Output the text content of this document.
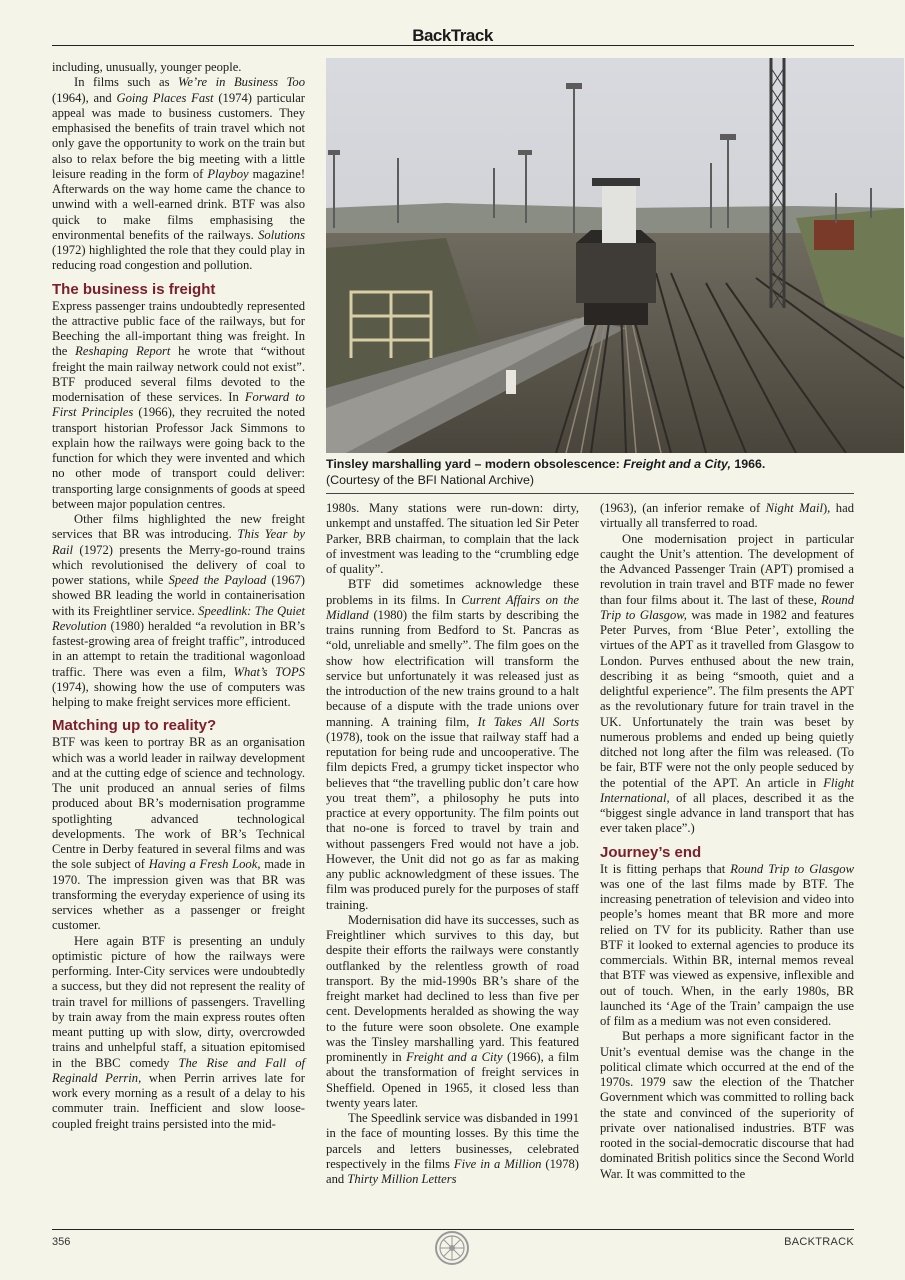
BackTrack

including, unusually, younger people.

In films such as We’re in Business Too (1964), and Going Places Fast (1974) particular appeal was made to business customers. They emphasised the benefits of train travel which not only gave the opportunity to work on the train but also to relax before the big meeting with a little leisure reading in the form of Playboy magazine! Afterwards on the way home came the chance to unwind with a well-earned drink. BTF was also quick to make films emphasising the environmental benefits of the railways. Solutions (1972) highlighted the role that they could play in reducing road congestion and pollution.

The business is freight

Express passenger trains undoubtedly represented the attractive public face of the railways, but for Beeching the all-important thing was freight. In the Reshaping Report he wrote that “without freight the main railway network could not exist”. BTF produced several films devoted to the modernisation of these services. In Forward to First Principles (1966), they recruited the noted transport historian Professor Jack Simmons to explain how the railways were going back to the function for which they were invented and which no other mode of transport could deliver: transporting large consignments of goods at speed between major population centres.

Other films highlighted the new freight services that BR was introducing. This Year by Rail (1972) presents the Merry-go-round trains which revolutionised the delivery of coal to power stations, while Speed the Payload (1967) showed BR leading the world in containerisation with its Freightliner service. Speedlink: The Quiet Revolution (1980) heralded “a revolution in BR’s fastest-growing area of freight traffic”, introduced in an attempt to retain the traditional wagonload traffic. There was even a film, What’s TOPS (1974), showing how the use of computers was helping to make freight services more efficient.

Matching up to reality?

BTF was keen to portray BR as an organisation which was a world leader in railway development and at the cutting edge of science and technology. The unit produced an annual series of films produced about BR’s modernisation programme spotlighting advanced technological developments. The work of BR’s Technical Centre in Derby featured in several films and was the sole subject of Having a Fresh Look, made in 1970. The impression given was that BR was transforming the everyday experience of using its services whether as a passenger or freight customer.

Here again BTF is presenting an unduly optimistic picture of how the railways were performing. Inter-City services were undoubtedly a success, but they did not represent the reality of train travel for millions of passengers. Travelling by train away from the main express routes often meant putting up with slow, dirty, overcrowded trains and unhelpful staff, a situation epitomised in the BBC comedy The Rise and Fall of Reginald Perrin, when Perrin arrives late for work every morning as a result of a delay to his commuter train. Inefficient and slow loose-coupled freight trains persisted into the mid-

Tinsley marshalling yard – modern obsolescence: Freight and a City, 1966.
(Courtesy of the BFI National Archive)

1980s. Many stations were run-down: dirty, unkempt and unstaffed. The situation led Sir Peter Parker, BRB chairman, to complain that the lack of investment was leading to the “crumbling edge of quality”.

BTF did sometimes acknowledge these problems in its films. In Current Affairs on the Midland (1980) the film starts by describing the trains running from Bedford to St. Pancras as “old, unreliable and smelly”. The film goes on the show how electrification will transform the service but unfortunately it was released just as the introduction of the new trains ground to a halt because of a dispute with the trade unions over manning. A training film, It Takes All Sorts (1978), took on the issue that railway staff had a reputation for being rude and uncooperative. The film depicts Fred, a grumpy ticket inspector who believes that “the travelling public don’t care how you treat them”, a philosophy he puts into practice at every opportunity. The film points out that no-one is forced to travel by train and without passengers Fred would not have a job. However, the Unit did not go as far as making any public acknowledgment of these issues. The film was produced purely for the purposes of staff training.

Modernisation did have its successes, such as Freightliner which survives to this day, but despite their efforts the railways were constantly outflanked by the relentless growth of road transport. By the mid-1990s BR’s share of the freight market had declined to less than five per cent. Developments heralded as showing the way to the future were soon obsolete. One example was the Tinsley marshalling yard. This featured prominently in Freight and a City (1966), a film about the transformation of freight services in Sheffield. Opened in 1965, it closed less than twenty years later.

The Speedlink service was disbanded in 1991 in the face of mounting losses. By this time the parcels and letters businesses, celebrated respectively in the films Five in a Million (1978) and Thirty Million Letters

(1963), (an inferior remake of Night Mail), had virtually all transferred to road.

One modernisation project in particular caught the Unit’s attention. The development of the Advanced Passenger Train (APT) promised a revolution in train travel and BTF made no fewer than four films about it. The last of these, Round Trip to Glasgow, was made in 1982 and features Peter Purves, from ‘Blue Peter’, extolling the virtues of the APT as it travelled from Glasgow to London. Purves enthused about the new train, describing it as being “smooth, quiet and a delightful experience”. The film presents the APT as the revolutionary future for train travel in the UK. Unfortunately the train was beset by numerous problems and ended up being quietly ditched not long after the film was released. (To be fair, BTF were not the only people seduced by the potential of the APT. An article in Flight International, of all places, described it as the “biggest single advance in land transport that has ever taken place”.)

Journey’s end

It is fitting perhaps that Round Trip to Glasgow was one of the last films made by BTF. The increasing penetration of television and video into people’s homes meant that BR more and more relied on TV for its publicity. Rather than use BTF it looked to external agencies to produce its commercials. Within BR, internal memos reveal that BTF was viewed as expensive, inflexible and out of touch. When, in the early 1980s, BR launched its ‘Age of the Train’ campaign the use of film as a medium was not even considered.

But perhaps a more significant factor in the Unit’s eventual demise was the change in the political climate which occurred at the end of the 1970s. 1979 saw the election of the Thatcher Government which was committed to rolling back the state and convinced of the superiority of private over nationalised industries. BTF was rooted in the social-democratic discourse that had dominated British politics since the Second World War. It was committed to the

356	BACKTRACK
